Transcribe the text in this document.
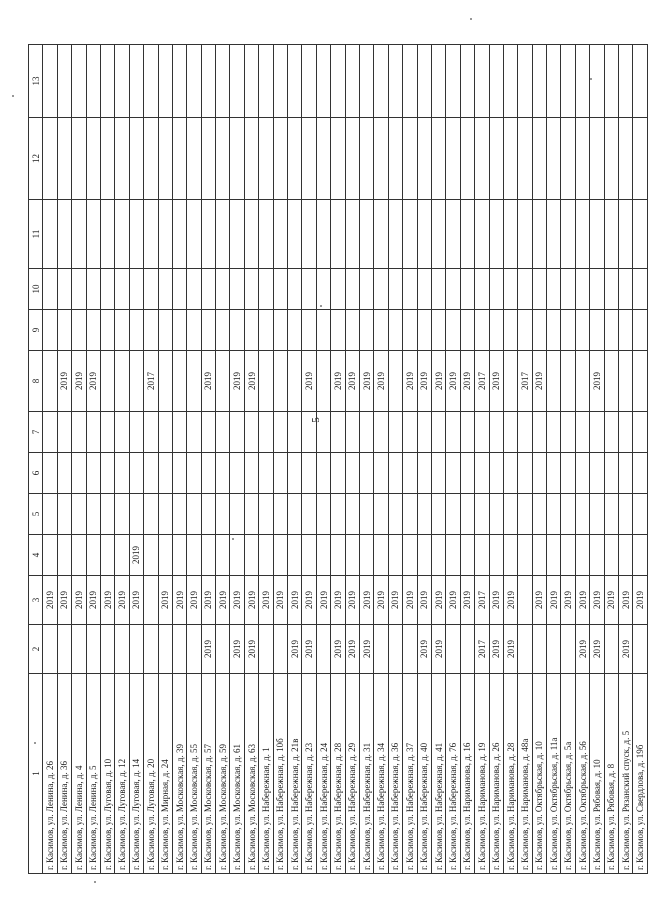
5
1	2	3	4	5	6	7	8	9	10	11	12	13
г. Касимов, ул. Ленина, д. 26		2019										
г. Касимов, ул. Ленина, д. 36		2019					2019					
г. Касимов, ул. Ленина, д. 4		2019					2019					
г. Касимов, ул. Ленина, д. 5		2019					2019					
г. Касимов, ул. Луговая, д. 10		2019										
г. Касимов, ул. Луговая, д. 12		2019										
г. Касимов, ул. Луговая, д. 14		2019	2019									
г. Касимов, ул. Луговая, д. 20							2017					
г. Касимов, ул. Мирная, д. 24		2019										
г. Касимов, ул. Московская, д. 39		2019										
г. Касимов, ул. Московская, д. 55		2019										
г. Касимов, ул. Московская, д. 57	2019	2019					2019					
г. Касимов, ул. Московская, д. 59		2019										
г. Касимов, ул. Московская, д. 61	2019	2019					2019					
г. Касимов, ул. Московская, д. 63	2019	2019					2019					
г. Касимов, ул. Набережная, д. 1		2019										
г. Касимов, ул. Набережная, д. 10б		2019										
г. Касимов, ул. Набережная, д. 21в	2019	2019										
г. Касимов, ул. Набережная, д. 23	2019	2019					2019					
г. Касимов, ул. Набережная, д. 24		2019										
г. Касимов, ул. Набережная, д. 28	2019	2019					2019					
г. Касимов, ул. Набережная, д. 29	2019	2019					2019					
г. Касимов, ул. Набережная, д. 31	2019	2019					2019					
г. Касимов, ул. Набережная, д. 34		2019					2019					
г. Касимов, ул. Набережная, д. 36		2019										
г. Касимов, ул. Набережная, д. 37		2019					2019					
г. Касимов, ул. Набережная, д. 40	2019	2019					2019					
г. Касимов, ул. Набережная, д. 41	2019	2019					2019					
г. Касимов, ул. Набережная, д. 76		2019					2019					
г. Касимов, ул. Нариманова, д. 16		2019					2019					
г. Касимов, ул. Нариманова, д. 19	2017	2017					2017					
г. Касимов, ул. Нариманова, д. 26	2019	2019					2019					
г. Касимов, ул. Нариманова, д. 28	2019	2019										
г. Касимов, ул. Нариманова, д. 48а							2017					
г. Касимов, ул. Октябрьская, д. 10		2019					2019					
г. Касимов, ул. Октябрьская, д. 11а		2019										
г. Касимов, ул. Октябрьская, д. 5а		2019										
г. Касимов, ул. Октябрьская, д. 56	2019	2019										
г. Касимов, ул. Рябовая, д. 10	2019	2019					2019					
г. Касимов, ул. Рябовая, д. 8		2019										
г. Касимов, ул. Рязанский спуск, д. 5	2019	2019										
г. Касимов, ул. Свердлова, д. 19б		2019										
